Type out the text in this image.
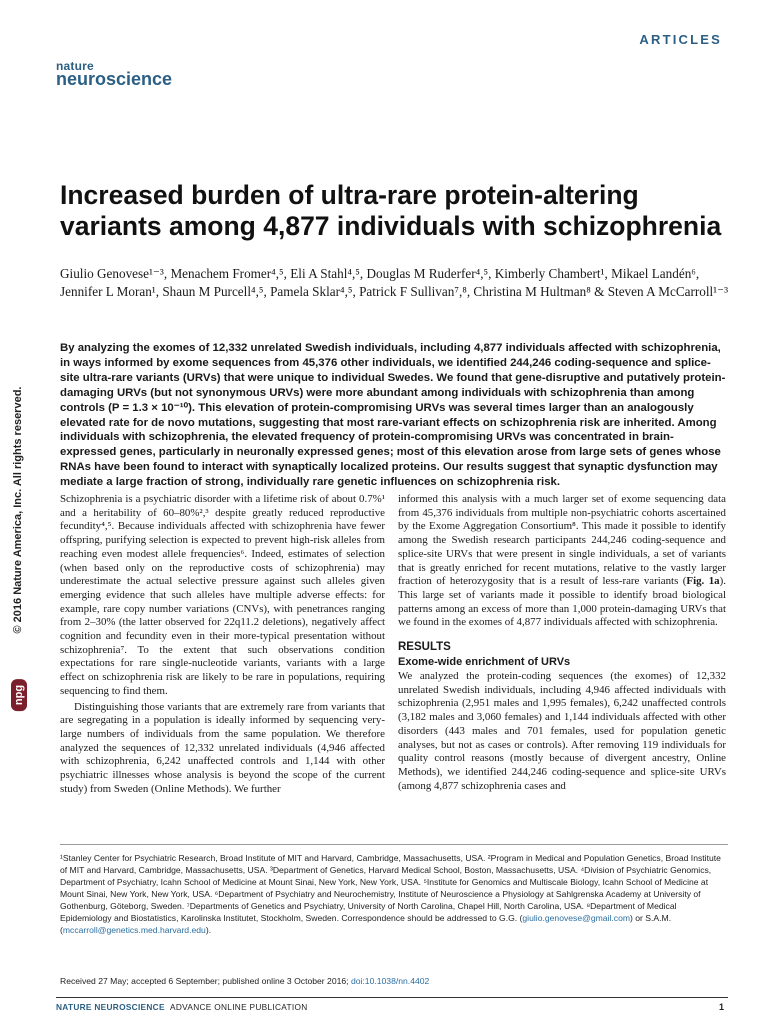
ARTICLES
nature
neuroscience
© 2016 Nature America, Inc. All rights reserved.
npg
Increased burden of ultra-rare protein-altering variants among 4,877 individuals with schizophrenia
Giulio Genovese¹⁻³, Menachem Fromer⁴,⁵, Eli A Stahl⁴,⁵, Douglas M Ruderfer⁴,⁵, Kimberly Chambert¹, Mikael Landén⁶, Jennifer L Moran¹, Shaun M Purcell⁴,⁵, Pamela Sklar⁴,⁵, Patrick F Sullivan⁷,⁸, Christina M Hultman⁸ & Steven A McCarroll¹⁻³
By analyzing the exomes of 12,332 unrelated Swedish individuals, including 4,877 individuals affected with schizophrenia, in ways informed by exome sequences from 45,376 other individuals, we identified 244,246 coding-sequence and splice-site ultra-rare variants (URVs) that were unique to individual Swedes. We found that gene-disruptive and putatively protein-damaging URVs (but not synonymous URVs) were more abundant among individuals with schizophrenia than among controls (P = 1.3 × 10⁻¹⁰). This elevation of protein-compromising URVs was several times larger than an analogously elevated rate for de novo mutations, suggesting that most rare-variant effects on schizophrenia risk are inherited. Among individuals with schizophrenia, the elevated frequency of protein-compromising URVs was concentrated in brain-expressed genes, particularly in neuronally expressed genes; most of this elevation arose from large sets of genes whose RNAs have been found to interact with synaptically localized proteins. Our results suggest that synaptic dysfunction may mediate a large fraction of strong, individually rare genetic influences on schizophrenia risk.

Schizophrenia is a psychiatric disorder with a lifetime risk of about 0.7%¹ and a heritability of 60–80%²,³ despite greatly reduced reproductive fecundity⁴,⁵. Because individuals affected with schizophrenia have fewer offspring, purifying selection is expected to prevent high-risk alleles from reaching even modest allele frequencies⁶. Indeed, estimates of selection (when based only on the reproductive costs of schizophrenia) may underestimate the actual selective pressure against such alleles given emerging evidence that such alleles have multiple adverse effects: for example, rare copy number variations (CNVs), with penetrances ranging from 2–30% (the latter observed for 22q11.2 deletions), negatively affect cognition and fecundity even in their more-typical presentation without schizophrenia⁷. To the extent that such observations condition expectations for rare single-nucleotide variants, variants with a large effect on schizophrenia risk are likely to be rare in populations, requiring sequencing to find them.

Distinguishing those variants that are extremely rare from variants that are segregating in a population is ideally informed by sequencing very-large numbers of individuals from the same population. We therefore analyzed the sequences of 12,332 unrelated individuals (4,946 affected with schizophrenia, 6,242 unaffected controls and 1,144 with other psychiatric illnesses whose analysis is beyond the scope of the current study) from Sweden (Online Methods). We further

informed this analysis with a much larger set of exome sequencing data from 45,376 individuals from multiple non-psychiatric cohorts ascertained by the Exome Aggregation Consortium⁸. This made it possible to identify among the Swedish research participants 244,246 coding-sequence and splice-site URVs that were present in single individuals, a set of variants that is greatly enriched for recent mutations, relative to the vastly larger fraction of heterozygosity that is a result of less-rare variants (Fig. 1a). This large set of variants made it possible to identify broad biological patterns among an excess of more than 1,000 protein-damaging URVs that we found in the exomes of 4,877 individuals affected with schizophrenia.

RESULTS
Exome-wide enrichment of URVs

We analyzed the protein-coding sequences (the exomes) of 12,332 unrelated Swedish individuals, including 4,946 affected individuals with schizophrenia (2,951 males and 1,995 females), 6,242 unaffected controls (3,182 males and 3,060 females) and 1,144 individuals affected with other disorders (443 males and 701 females, used for population genetic analyses, but not as cases or controls). After removing 119 individuals for quality control reasons (mostly because of divergent ancestry, Online Methods), we identified 244,246 coding-sequence and splice-site URVs (among 4,877 schizophrenia cases and

¹Stanley Center for Psychiatric Research, Broad Institute of MIT and Harvard, Cambridge, Massachusetts, USA. ²Program in Medical and Population Genetics, Broad Institute of MIT and Harvard, Cambridge, Massachusetts, USA. ³Department of Genetics, Harvard Medical School, Boston, Massachusetts, USA. ⁴Division of Psychiatric Genomics, Department of Psychiatry, Icahn School of Medicine at Mount Sinai, New York, New York, USA. ⁵Institute for Genomics and Multiscale Biology, Icahn School of Medicine at Mount Sinai, New York, New York, USA. ⁶Department of Psychiatry and Neurochemistry, Institute of Neuroscience a Physiology at Sahlgrenska Academy at University of Gothenburg, Göteborg, Sweden. ⁷Departments of Genetics and Psychiatry, University of North Carolina, Chapel Hill, North Carolina, USA. ⁸Department of Medical Epidemiology and Biostatistics, Karolinska Institutet, Stockholm, Sweden. Correspondence should be addressed to G.G. (giulio.genovese@gmail.com) or S.A.M. (mccarroll@genetics.med.harvard.edu).
Received 27 May; accepted 6 September; published online 3 October 2016; doi:10.1038/nn.4402
NATURE NEUROSCIENCE ADVANCE ONLINE PUBLICATION	1
